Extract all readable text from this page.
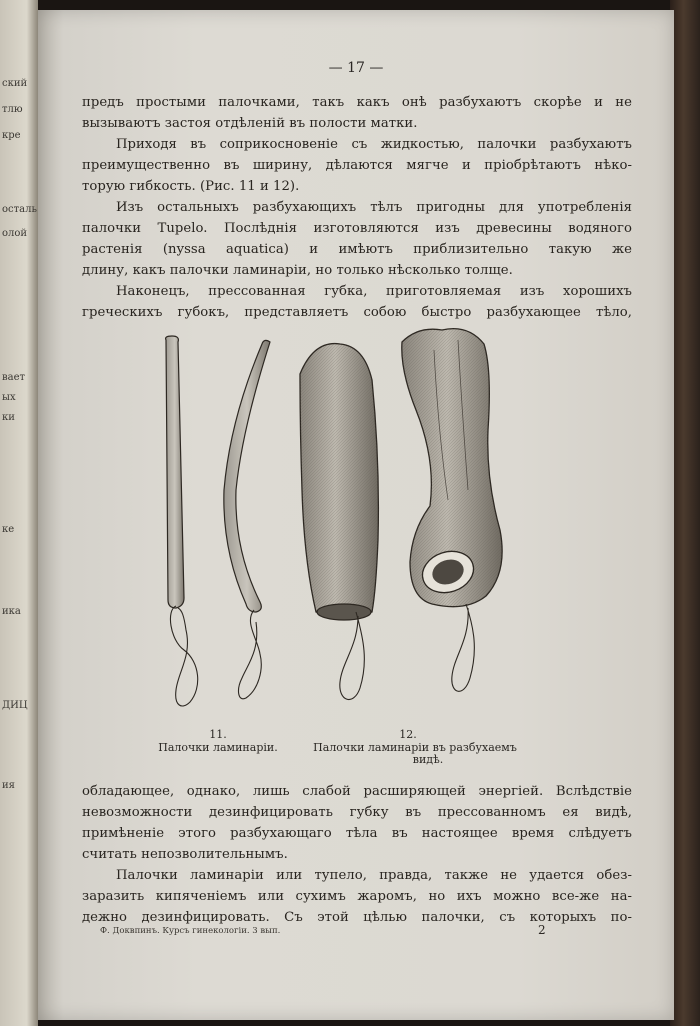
ский
тлю
кре
осталь
олой
вает
ых
ки
ке
ика
ДИЦ
ия
— 17 —
предъ простыми палочками, такъ какъ онѣ разбухаютъ скорѣе и не
вызываютъ застоя отдѣленій въ полости матки.
Приходя въ соприкосновеніе съ жидкостью, палочки разбухаютъ
преимущественно въ ширину, дѣлаются мягче и пріобрѣтаютъ нѣко-
торую гибкость. (Рис. 11 и 12).
Изъ остальныхъ разбухающихъ тѣлъ пригодны для употребленія
палочки Tupelo. Послѣднія изготовляются изъ древесины водяного
растенія (nyssa aquatica) и имѣютъ приблизительно такую же
длину, какъ палочки ламинаріи, но только нѣсколько толще.
Наконецъ, прессованная губка, приготовляемая изъ хорошихъ
греческихъ губокъ, представляетъ собою быстро разбухающее тѣло,
11.
Палочки ламинаріи.
12.
Палочки ламинаріи въ разбухаемъ
видѣ.
обладающее, однако, лишь слабой расширяющей энергіей. Вслѣдствіе
невозможности дезинфицировать губку въ прессованномъ ея видѣ,
примѣненіе этого разбухающаго тѣла въ настоящее время слѣдуетъ
считать непозволительнымъ.
Палочки ламинаріи или тупело, правда, также не удается обез-
заразить кипяченіемъ или сухимъ жаромъ, но ихъ можно все-же на-
дежно дезинфицировать. Съ этой цѣлью палочки, съ которыхъ по-
Ф. Доквпинъ. Курсъ гинекологіи. 3 вып.	2
